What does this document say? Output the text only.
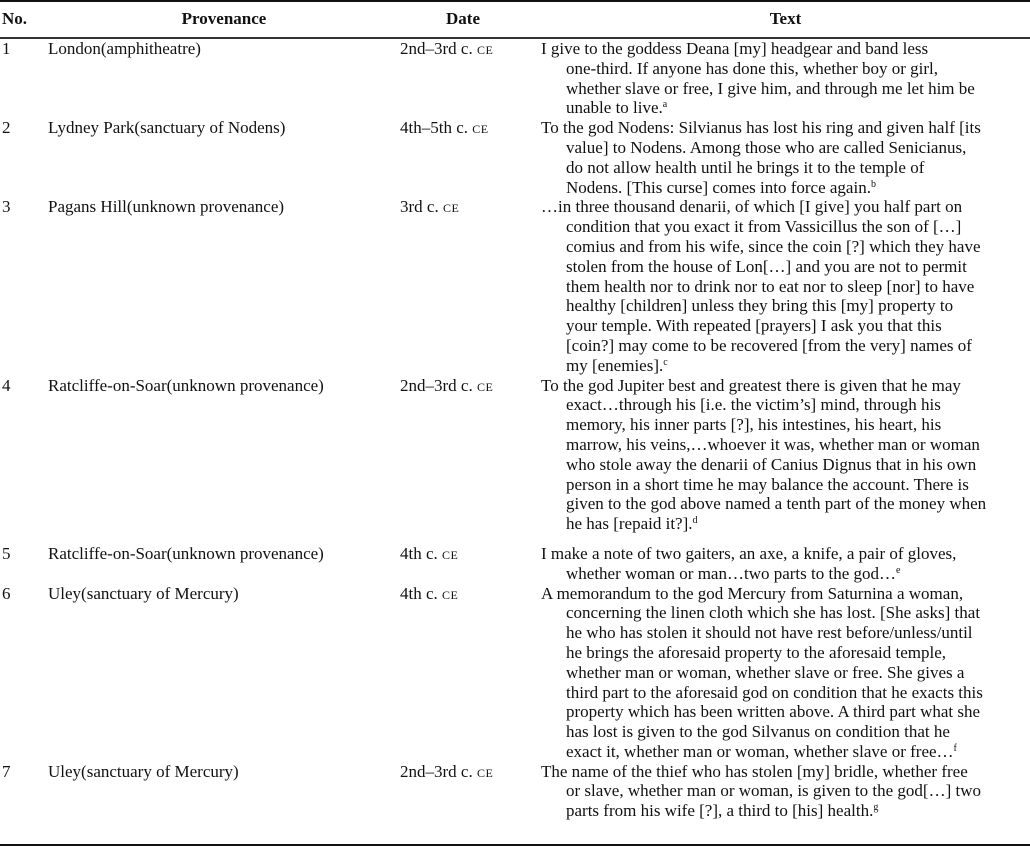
No.	Provenance	Date	Text
1	London(amphitheatre)	2nd–3rd c. CE	I give to the goddess Deana [my] headgear and band less
one-third. If anyone has done this, whether boy or girl,
whether slave or free, I give him, and through me let him be
unable to live.$^a$
2	Lydney Park(sanctuary of Nodens)	4th–5th c. CE	To the god Nodens: Silvianus has lost his ring and given half [its
value] to Nodens. Among those who are called Senicianus,
do not allow health until he brings it to the temple of
Nodens. [This curse] comes into force again.$^b$
3	Pagans Hill(unknown provenance)	3rd c. CE	…in three thousand denarii, of which [I give] you half part on
condition that you exact it from Vassicillus the son of […]
comius and from his wife, since the coin [?] which they have
stolen from the house of Lon[…] and you are not to permit
them health nor to drink nor to eat nor to sleep [nor] to have
healthy [children] unless they bring this [my] property to
your temple. With repeated [prayers] I ask you that this
[coin?] may come to be recovered [from the very] names of
my [enemies].$^c$
4	Ratcliffe-on-Soar(unknown provenance)	2nd–3rd c. CE	To the god Jupiter best and greatest there is given that he may
exact…through his [i.e. the victim’s] mind, through his
memory, his inner parts [?], his intestines, his heart, his
marrow, his veins,…whoever it was, whether man or woman
who stole away the denarii of Canius Dignus that in his own
person in a short time he may balance the account. There is
given to the god above named a tenth part of the money when
he has [repaid it?].$^d$
5	Ratcliffe-on-Soar(unknown provenance)	4th c. CE	I make a note of two gaiters, an axe, a knife, a pair of gloves,
whether woman or man…two parts to the god…$^e$
6	Uley(sanctuary of Mercury)	4th c. CE	A memorandum to the god Mercury from Saturnina a woman,
concerning the linen cloth which she has lost. [She asks] that
he who has stolen it should not have rest before/unless/until
he brings the aforesaid property to the aforesaid temple,
whether man or woman, whether slave or free. She gives a
third part to the aforesaid god on condition that he exacts this
property which has been written above. A third part what she
has lost is given to the god Silvanus on condition that he
exact it, whether man or woman, whether slave or free…$^f$
7	Uley(sanctuary of Mercury)	2nd–3rd c. CE	The name of the thief who has stolen [my] bridle, whether free
or slave, whether man or woman, is given to the god[…] two
parts from his wife [?], a third to [his] health.$^g$
